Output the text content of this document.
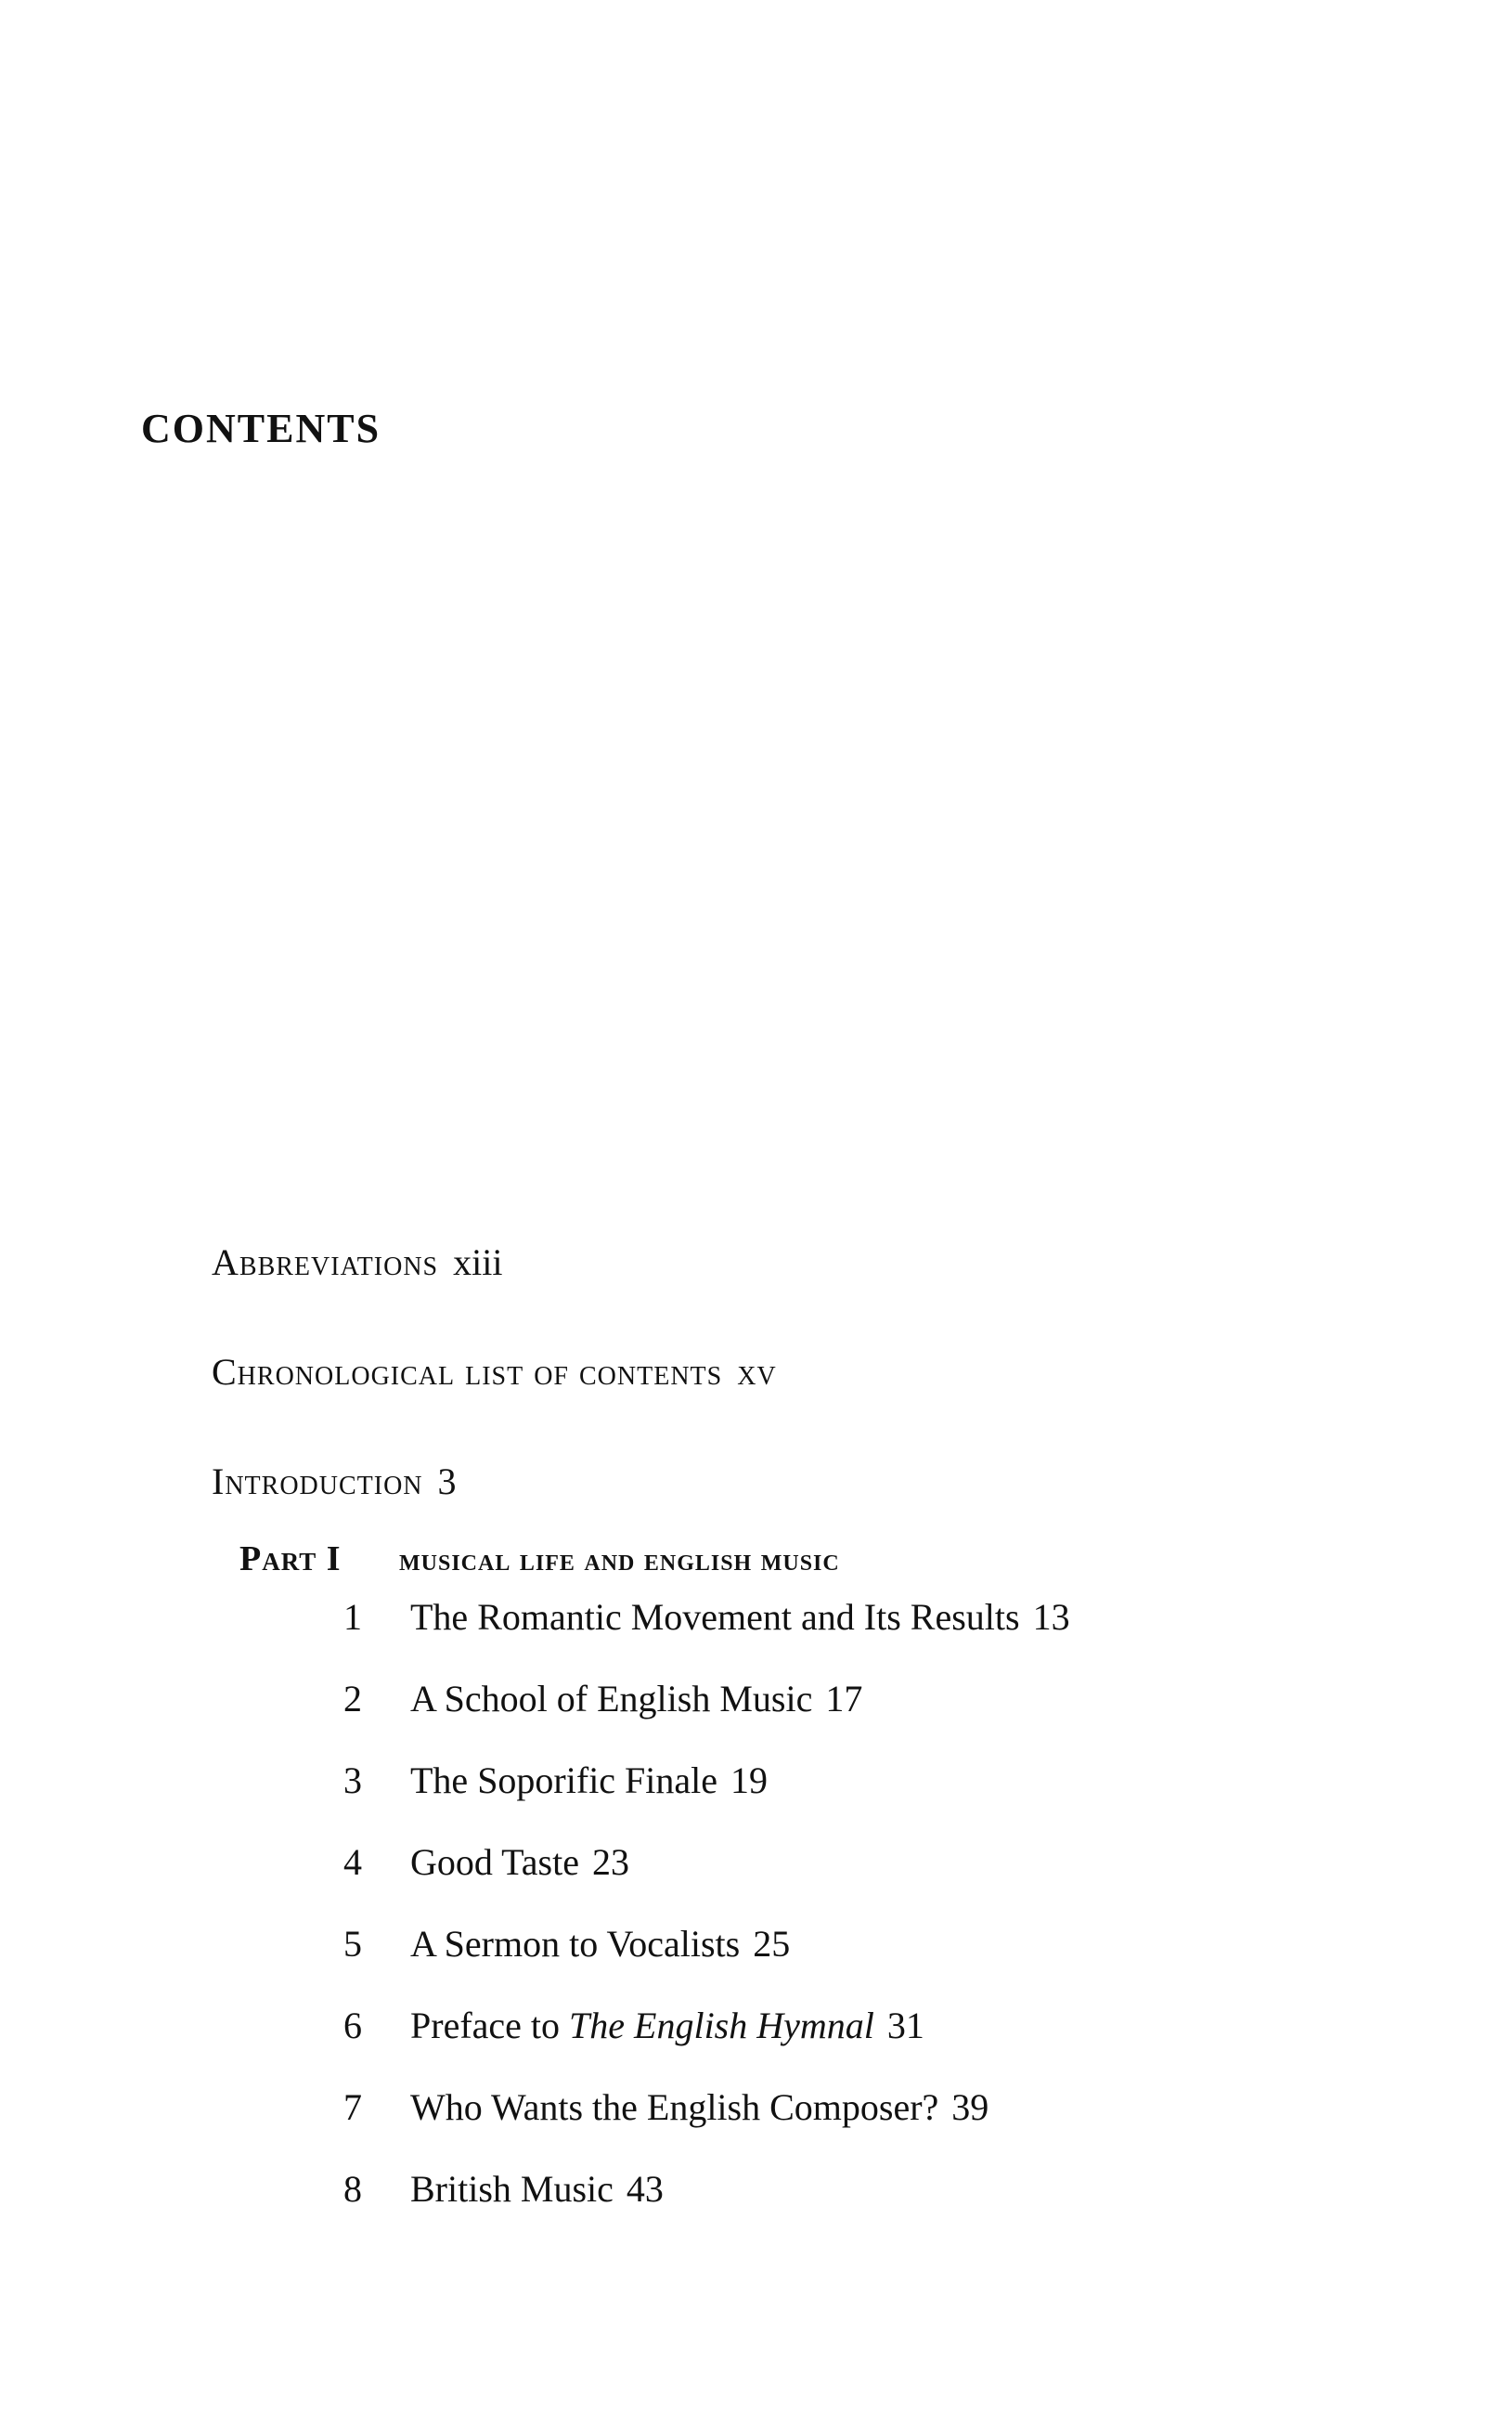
CONTENTS
Abbreviations xiii
Chronological list of contents xv
Introduction 3
Part I musical life and english music
1 The Romantic Movement and Its Results 13
2 A School of English Music 17
3 The Soporific Finale 19
4 Good Taste 23
5 A Sermon to Vocalists 25
6 Preface to The English Hymnal 31
7 Who Wants the English Composer? 39
8 British Music 43
